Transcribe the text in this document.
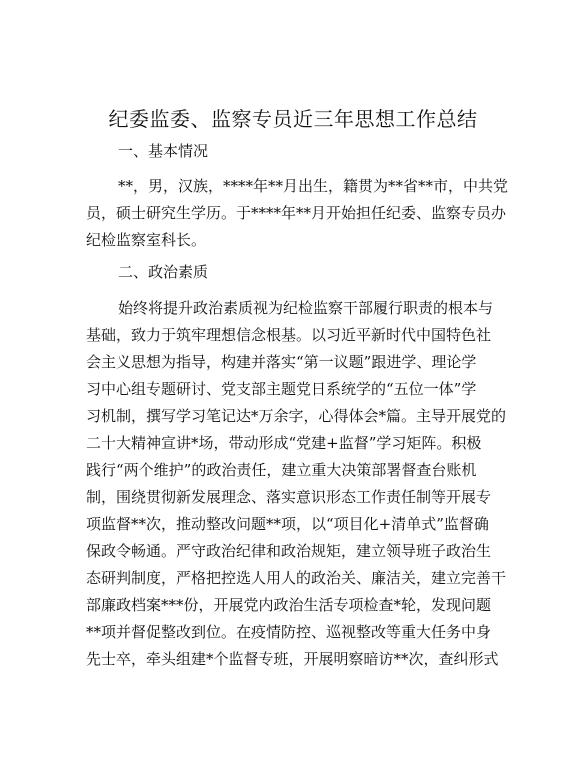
纪委监委、监察专员近三年思想工作总结
一、基本情况
**，男，汉族，****年**月出生，籍贯为**省**市，中共党
员，硕士研究生学历。于****年**月开始担任纪委、监察专员办
纪检监察室科长。
二、政治素质
始终将提升政治素质视为纪检监察干部履行职责的根本与
基础，致力于筑牢理想信念根基。以习近平新时代中国特色社
会主义思想为指导，构建并落实“第一议题”跟进学、理论学
习中心组专题研讨、党支部主题党日系统学的“五位一体”学
习机制，撰写学习笔记达*万余字，心得体会*篇。主导开展党的
二十大精神宣讲*场，带动形成“党建+监督”学习矩阵。积极
践行“两个维护”的政治责任，建立重大决策部署督查台账机
制，围绕贯彻新发展理念、落实意识形态工作责任制等开展专
项监督**次，推动整改问题**项，以“项目化+清单式”监督确
保政令畅通。严守政治纪律和政治规矩，建立领导班子政治生
态研判制度，严格把控选人用人的政治关、廉洁关，建立完善干
部廉政档案***份，开展党内政治生活专项检查*轮，发现问题
**项并督促整改到位。在疫情防控、巡视整改等重大任务中身
先士卒，牵头组建*个监督专班，开展明察暗访**次，查纠形式
